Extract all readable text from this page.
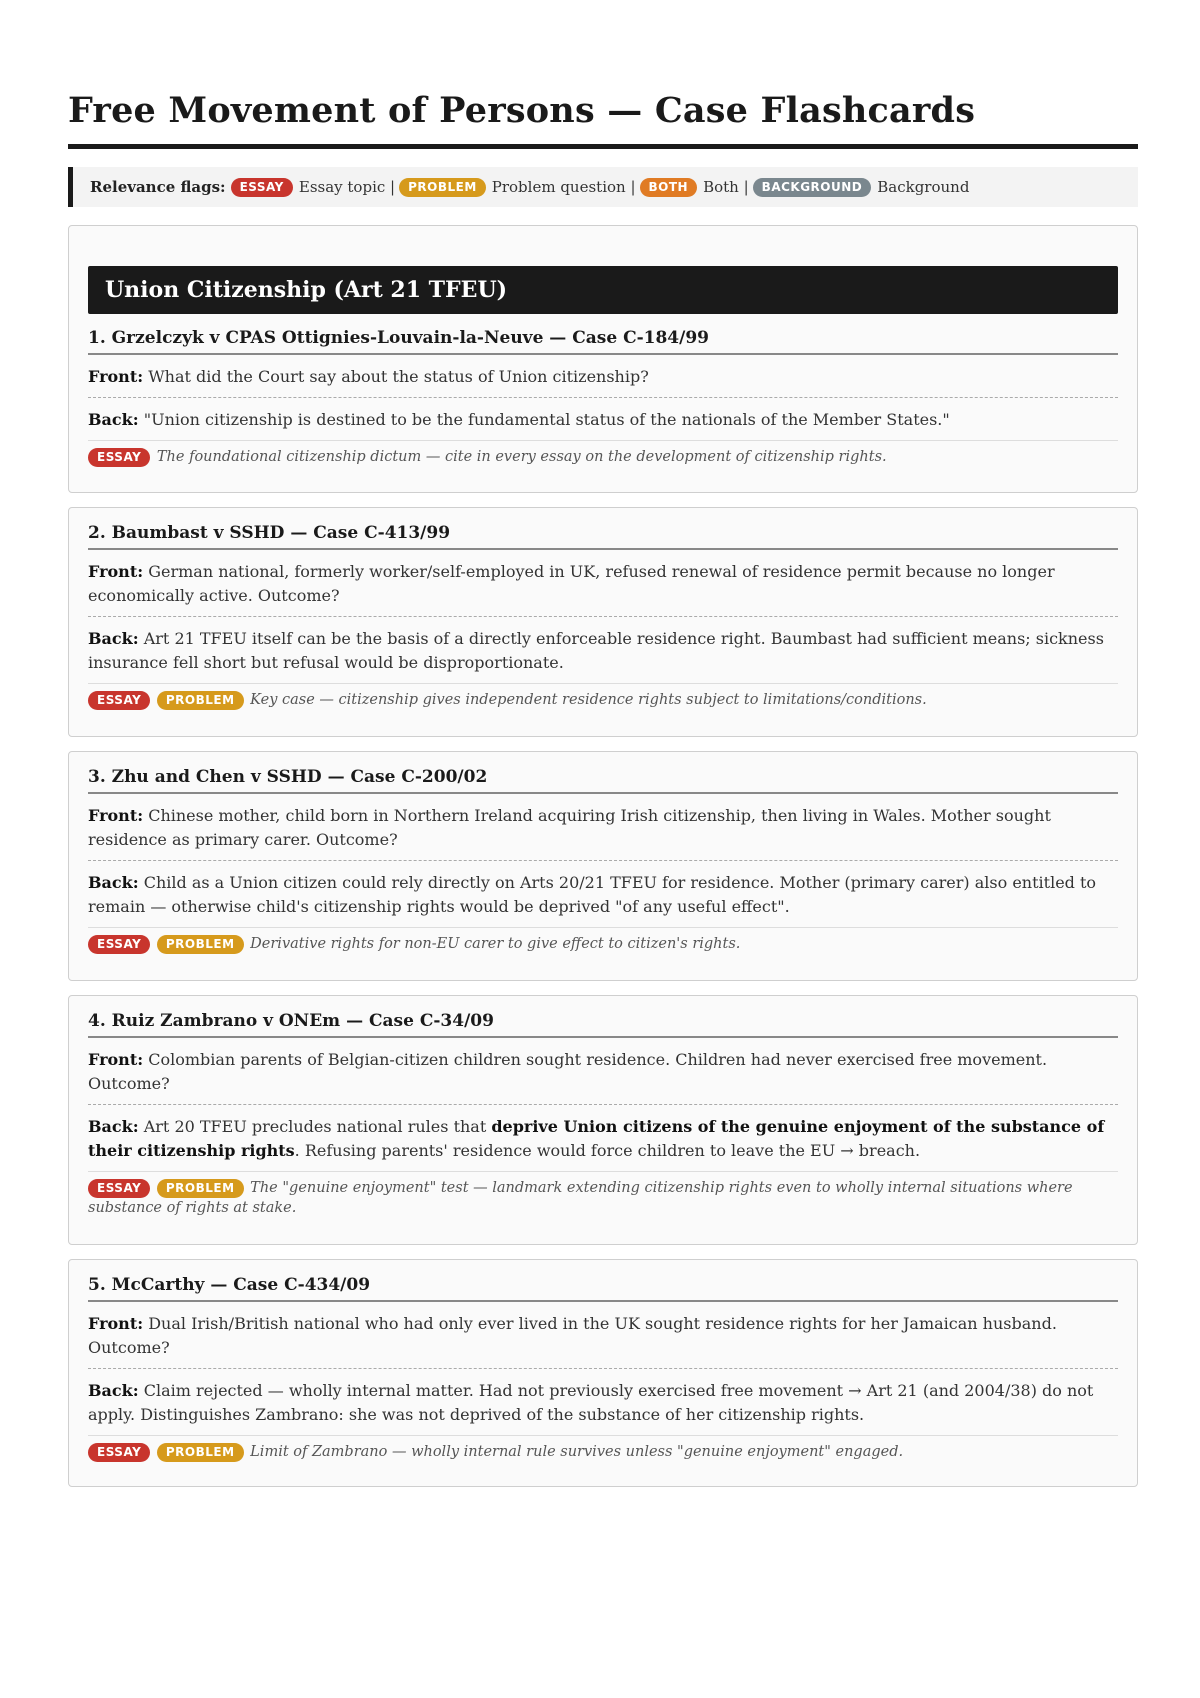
Free Movement of Persons — Case Flashcards
Relevance flags:	ESSAY	Essay topic |	PROBLEM	Problem question |	BOTH	Both |	BACKGROUND	Background
Union Citizenship (Art 21 TFEU)
1. Grzelczyk v CPAS Ottignies-Louvain-la-Neuve — Case C-184/99
Front: What did the Court say about the status of Union citizenship?
Back: "Union citizenship is destined to be the fundamental status of the nationals of the Member States."
ESSAY The foundational citizenship dictum — cite in every essay on the development of citizenship rights.
2. Baumbast v SSHD — Case C-413/99
Front: German national, formerly worker/self-employed in UK, refused renewal of residence permit because no longer economically active. Outcome?
Back: Art 21 TFEU itself can be the basis of a directly enforceable residence right. Baumbast had sufficient means; sickness insurance fell short but refusal would be disproportionate.
ESSAY PROBLEM Key case — citizenship gives independent residence rights subject to limitations/conditions.
3. Zhu and Chen v SSHD — Case C-200/02
Front: Chinese mother, child born in Northern Ireland acquiring Irish citizenship, then living in Wales. Mother sought residence as primary carer. Outcome?
Back: Child as a Union citizen could rely directly on Arts 20/21 TFEU for residence. Mother (primary carer) also entitled to remain — otherwise child's citizenship rights would be deprived "of any useful effect".
ESSAY PROBLEM Derivative rights for non-EU carer to give effect to citizen's rights.
4. Ruiz Zambrano v ONEm — Case C-34/09
Front: Colombian parents of Belgian-citizen children sought residence. Children had never exercised free movement. Outcome?
Back: Art 20 TFEU precludes national rules that deprive Union citizens of the genuine enjoyment of the substance of their citizenship rights. Refusing parents' residence would force children to leave the EU → breach.
ESSAY PROBLEM The "genuine enjoyment" test — landmark extending citizenship rights even to wholly internal situations where substance of rights at stake.
5. McCarthy — Case C-434/09
Front: Dual Irish/British national who had only ever lived in the UK sought residence rights for her Jamaican husband. Outcome?
Back: Claim rejected — wholly internal matter. Had not previously exercised free movement → Art 21 (and 2004/38) do not apply. Distinguishes Zambrano: she was not deprived of the substance of her citizenship rights.
ESSAY PROBLEM Limit of Zambrano — wholly internal rule survives unless "genuine enjoyment" engaged.
